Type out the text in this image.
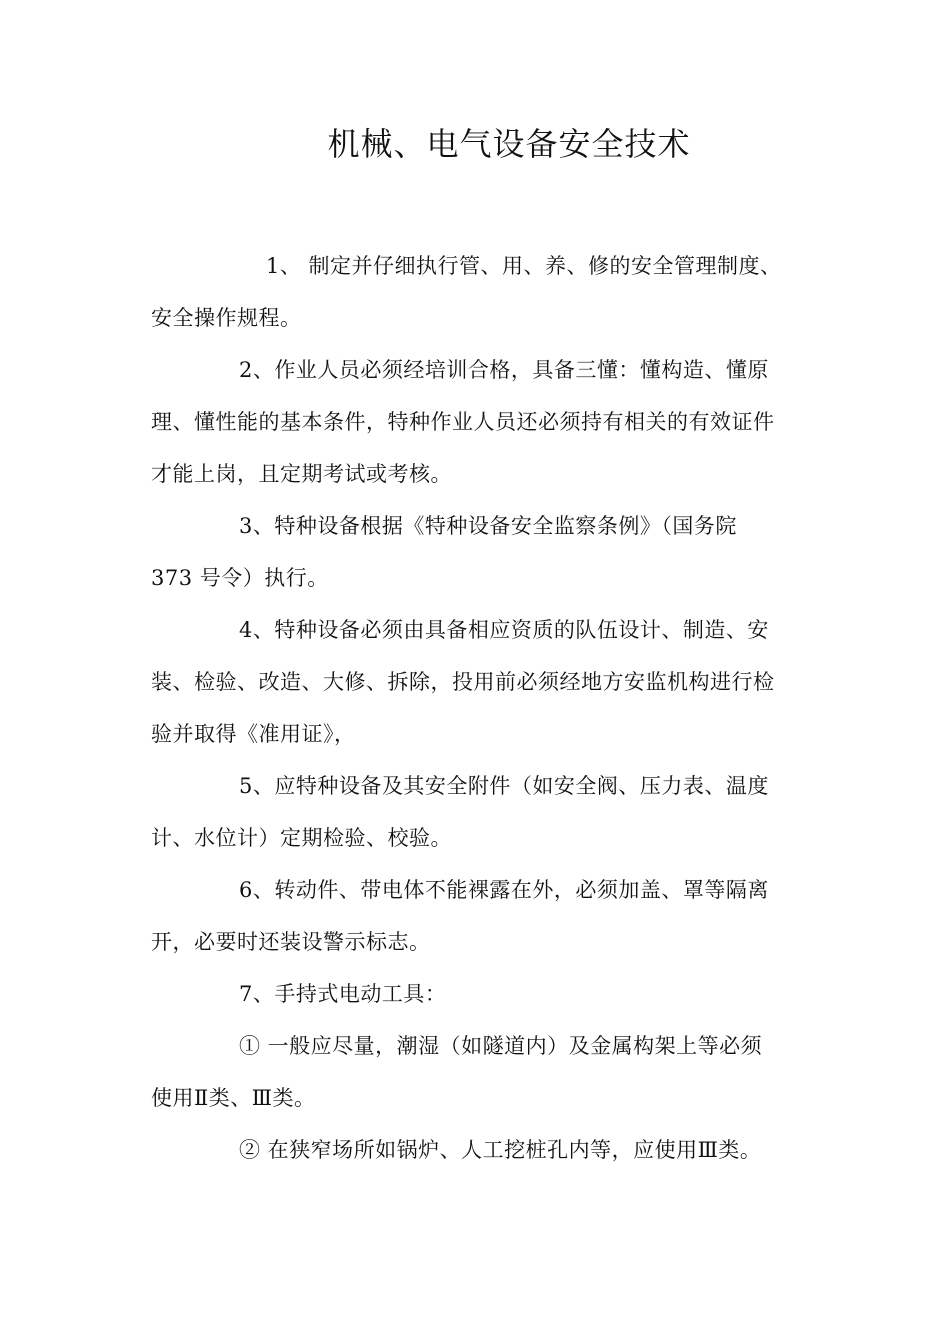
机械、电气设备安全技术
1、 制定并仔细执行管、用、养、修的安全管理制度、
安全操作规程。
2、作业人员必须经培训合格，具备三懂：懂构造、懂原
理、懂性能的基本条件，特种作业人员还必须持有相关的有效证件
才能上岗，且定期考试或考核。
3、特种设备根据《特种设备安全监察条例》（国务院
373 号令）执行。
4、特种设备必须由具备相应资质的队伍设计、制造、安
装、检验、改造、大修、拆除，投用前必须经地方安监机构进行检
验并取得《准用证》，
5、应特种设备及其安全附件（如安全阀、压力表、温度
计、水位计）定期检验、校验。
6、转动件、带电体不能裸露在外，必须加盖、罩等隔离
开，必要时还装设警示标志。
7、手持式电动工具：
① 一般应尽量，潮湿（如隧道内）及金属构架上等必须
使用Ⅱ类、Ⅲ类。
② 在狭窄场所如锅炉、人工挖桩孔内等，应使用Ⅲ类。
